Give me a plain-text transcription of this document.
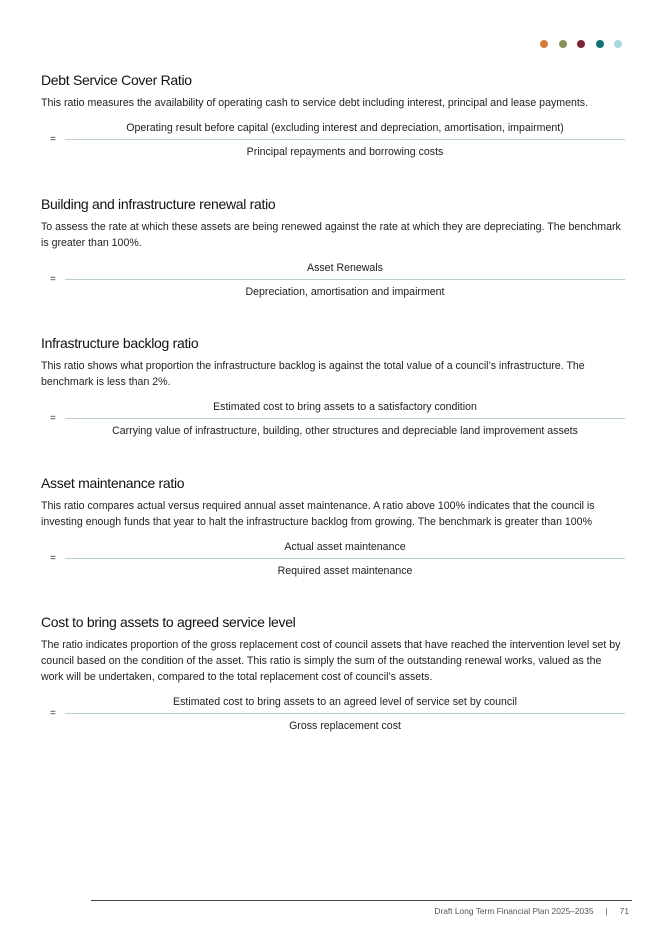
Debt Service Cover Ratio

This ratio measures the availability of operating cash to service debt including interest, principal and lease payments.

=
Operating result before capital (excluding interest and depreciation, amortisation, impairment)
Principal repayments and borrowing costs
Building and infrastructure renewal ratio

To assess the rate at which these assets are being renewed against the rate at which they are depreciating. The benchmark is greater than 100%.

=
Asset Renewals
Depreciation, amortisation and impairment
Infrastructure backlog ratio

This ratio shows what proportion the infrastructure backlog is against the total value of a council’s infrastructure. The benchmark is less than 2%.

=
Estimated cost to bring assets to a satisfactory condition
Carrying value of infrastructure, building, other structures and depreciable land improvement assets
Asset maintenance ratio

This ratio compares actual versus required annual asset maintenance. A ratio above 100% indicates that the council is investing enough funds that year to halt the infrastructure backlog from growing. The benchmark is greater than 100%

=
Actual asset maintenance
Required asset maintenance
Cost to bring assets to agreed service level

The ratio indicates proportion of the gross replacement cost of council assets that have reached the intervention level set by council based on the condition of the asset. This ratio is simply the sum of the outstanding renewal works, valued as the work will be undertaken, compared to the total replacement cost of council’s assets.

=
Estimated cost to bring assets to an agreed level of service set by council
Gross replacement cost
Draft Long Term Financial Plan 2025–2035 | 71
